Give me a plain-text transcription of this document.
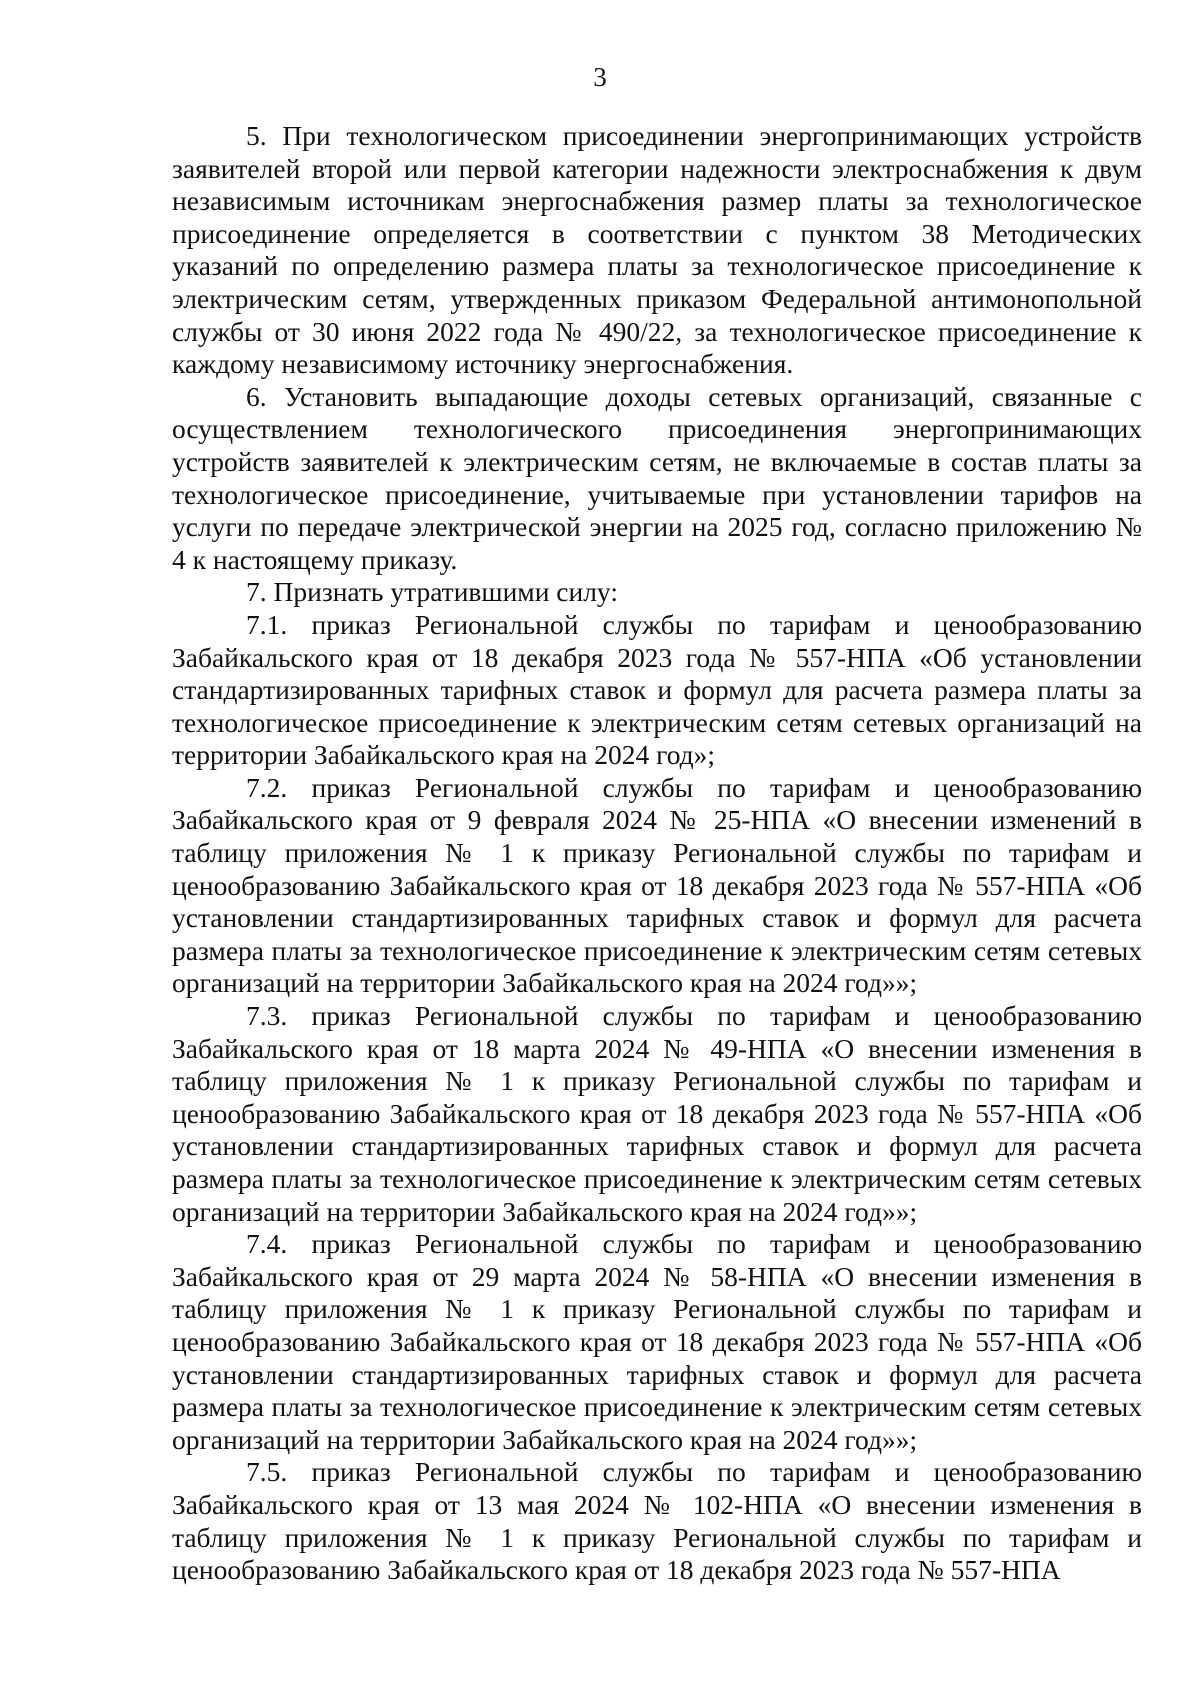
3

5. При технологическом присоединении энергопринимающих устройств заявителей второй или первой категории надежности электроснабжения к двум независимым источникам энергоснабжения размер платы за технологическое присоединение определяется в соответствии с пунктом 38 Методических указаний по определению размера платы за технологическое присоединение к электрическим сетям, утвержденных приказом Федеральной антимонопольной службы от 30 июня 2022 года № 490/22, за технологическое присоединение к каждому независимому источнику энергоснабжения.

6. Установить выпадающие доходы сетевых организаций, связанные с осуществлением технологического присоединения энергопринимающих устройств заявителей к электрическим сетям, не включаемые в состав платы за технологическое присоединение, учитываемые при установлении тарифов на услуги по передаче электрической энергии на 2025 год, согласно приложению № 4 к настоящему приказу.

7. Признать утратившими силу:

7.1. приказ Региональной службы по тарифам и ценообразованию Забайкальского края от 18 декабря 2023 года № 557-НПА «Об установлении стандартизированных тарифных ставок и формул для расчета размера платы за технологическое присоединение к электрическим сетям сетевых организаций на территории Забайкальского края на 2024 год»;

7.2. приказ Региональной службы по тарифам и ценообразованию Забайкальского края от 9 февраля 2024 № 25-НПА «О внесении изменений в таблицу приложения № 1 к приказу Региональной службы по тарифам и ценообразованию Забайкальского края от 18 декабря 2023 года № 557-НПА «Об установлении стандартизированных тарифных ставок и формул для расчета размера платы за технологическое присоединение к электрическим сетям сетевых организаций на территории Забайкальского края на 2024 год»»;

7.3. приказ Региональной службы по тарифам и ценообразованию Забайкальского края от 18 марта 2024 № 49-НПА «О внесении изменения в таблицу приложения № 1 к приказу Региональной службы по тарифам и ценообразованию Забайкальского края от 18 декабря 2023 года № 557-НПА «Об установлении стандартизированных тарифных ставок и формул для расчета размера платы за технологическое присоединение к электрическим сетям сетевых организаций на территории Забайкальского края на 2024 год»»;

7.4. приказ Региональной службы по тарифам и ценообразованию Забайкальского края от 29 марта 2024 № 58-НПА «О внесении изменения в таблицу приложения № 1 к приказу Региональной службы по тарифам и ценообразованию Забайкальского края от 18 декабря 2023 года № 557-НПА «Об установлении стандартизированных тарифных ставок и формул для расчета размера платы за технологическое присоединение к электрическим сетям сетевых организаций на территории Забайкальского края на 2024 год»»;

7.5. приказ Региональной службы по тарифам и ценообразованию Забайкальского края от 13 мая 2024 № 102-НПА «О внесении изменения в таблицу приложения № 1 к приказу Региональной службы по тарифам и ценообразованию Забайкальского края от 18 декабря 2023 года № 557-НПА
